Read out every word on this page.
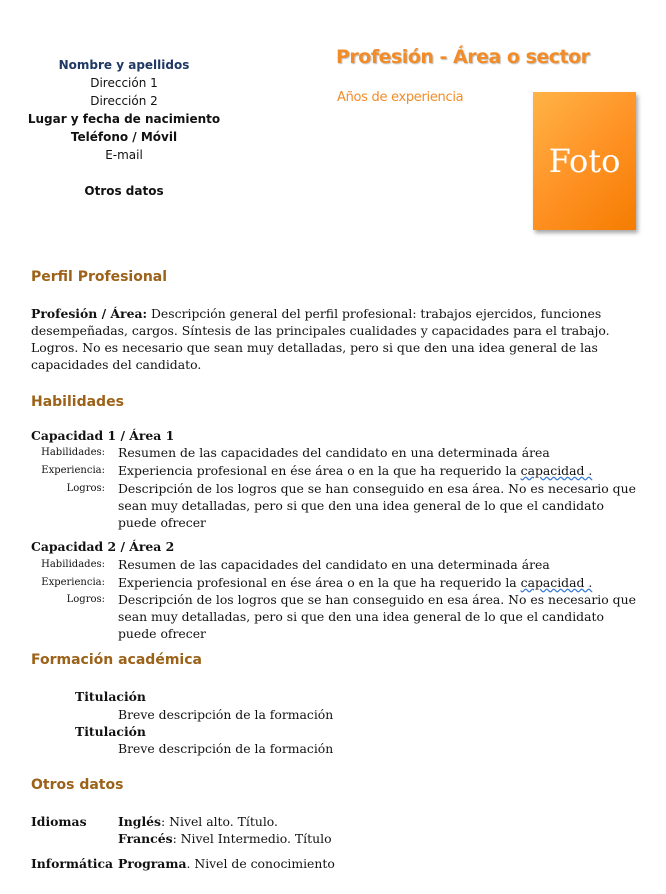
Nombre y apellidos
Dirección 1
Dirección 2
Lugar y fecha de nacimiento
Teléfono / Móvil
E-mail
Otros datos
Profesión - Área o sector
Años de experiencia
Foto
Perfil Profesional
Profesión / Área: Descripción general del perfil profesional: trabajos ejercidos, funciones
desempeñadas, cargos. Síntesis de las principales cualidades y capacidades para el trabajo.
Logros. No es necesario que sean muy detalladas, pero si que den una idea general de las
capacidades del candidato.
Habilidades
Capacidad 1 / Área 1
Habilidades: Resumen de las capacidades del candidato en una determinada área
Experiencia: Experiencia profesional en ése área o en la que ha requerido la capacidad .
Logros: Descripción de los logros que se han conseguido en esa área. No es necesario que
sean muy detalladas, pero si que den una idea general de lo que el candidato
puede ofrecer
Capacidad 2 / Área 2
Habilidades: Resumen de las capacidades del candidato en una determinada área
Experiencia: Experiencia profesional en ése área o en la que ha requerido la capacidad .
Logros: Descripción de los logros que se han conseguido en esa área. No es necesario que
sean muy detalladas, pero si que den una idea general de lo que el candidato
puede ofrecer
Formación académica
Titulación
Breve descripción de la formación
Titulación
Breve descripción de la formación
Otros datos
Idiomas	Inglés: Nivel alto. Título.
Francés: Nivel Intermedio. Título
Informática Programa. Nivel de conocimiento
